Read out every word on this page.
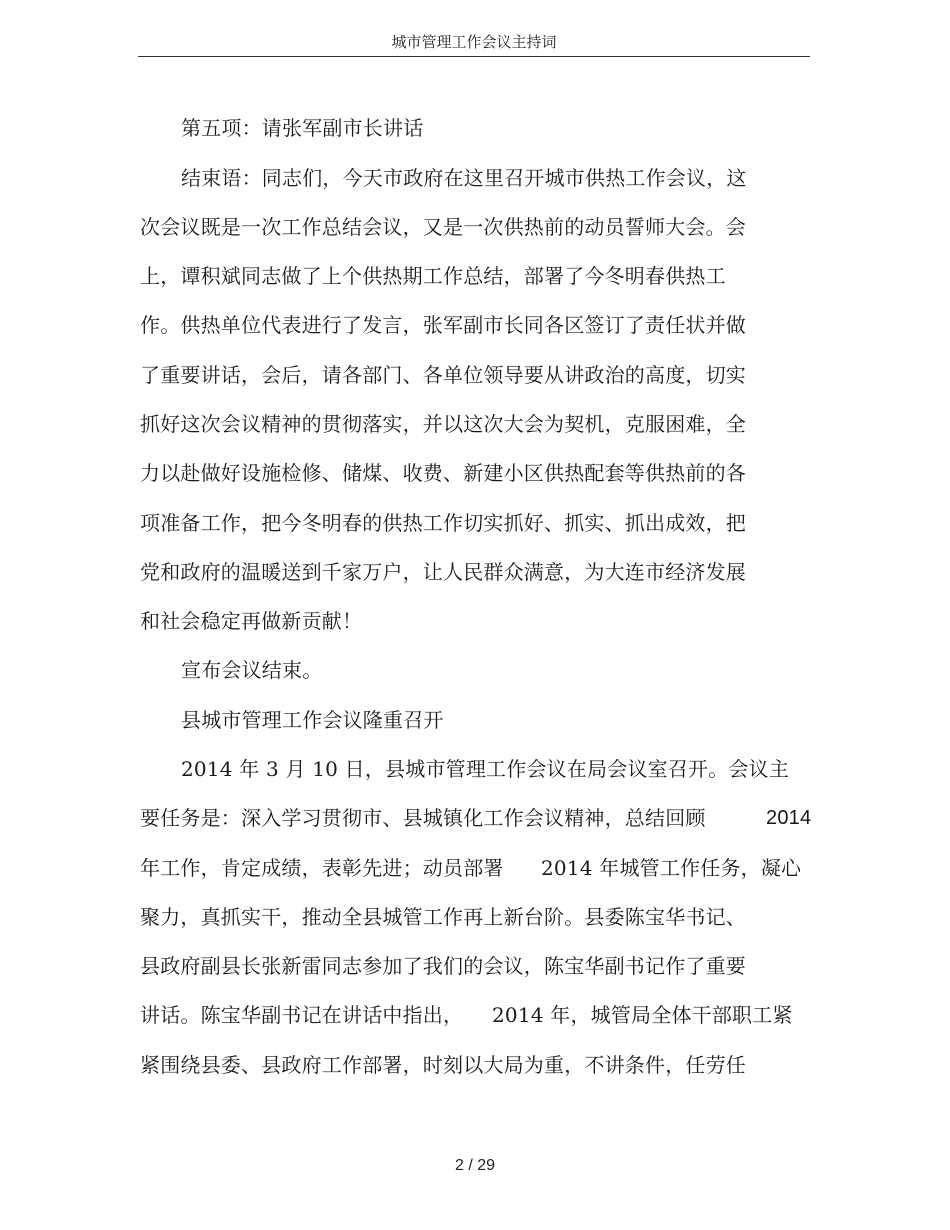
城市管理工作会议主持词
第五项：请张军副市长讲话
结束语：同志们，今天市政府在这里召开城市供热工作会议，这
次会议既是一次工作总结会议，又是一次供热前的动员誓师大会。会
上，谭积斌同志做了上个供热期工作总结，部署了今冬明春供热工
作。供热单位代表进行了发言，张军副市长同各区签订了责任状并做
了重要讲话，会后，请各部门、各单位领导要从讲政治的高度，切实
抓好这次会议精神的贯彻落实，并以这次大会为契机，克服困难，全
力以赴做好设施检修、储煤、收费、新建小区供热配套等供热前的各
项准备工作，把今冬明春的供热工作切实抓好、抓实、抓出成效，把
党和政府的温暖送到千家万户，让人民群众满意，为大连市经济发展
和社会稳定再做新贡献！
宣布会议结束。
县城市管理工作会议隆重召开
2014 年 3 月 10 日，县城市管理工作会议在局会议室召开。会议主
要任务是：深入学习贯彻市、县城镇化工作会议精神，总结回顾	2014
年工作，肯定成绩，表彰先进；动员部署 2014 年城管工作任务，凝心
聚力，真抓实干，推动全县城管工作再上新台阶。县委陈宝华书记、
县政府副县长张新雷同志参加了我们的会议，陈宝华副书记作了重要
讲话。陈宝华副书记在讲话中指出， 2014 年，城管局全体干部职工紧
紧围绕县委、县政府工作部署，时刻以大局为重，不讲条件，任劳任
2 / 29
